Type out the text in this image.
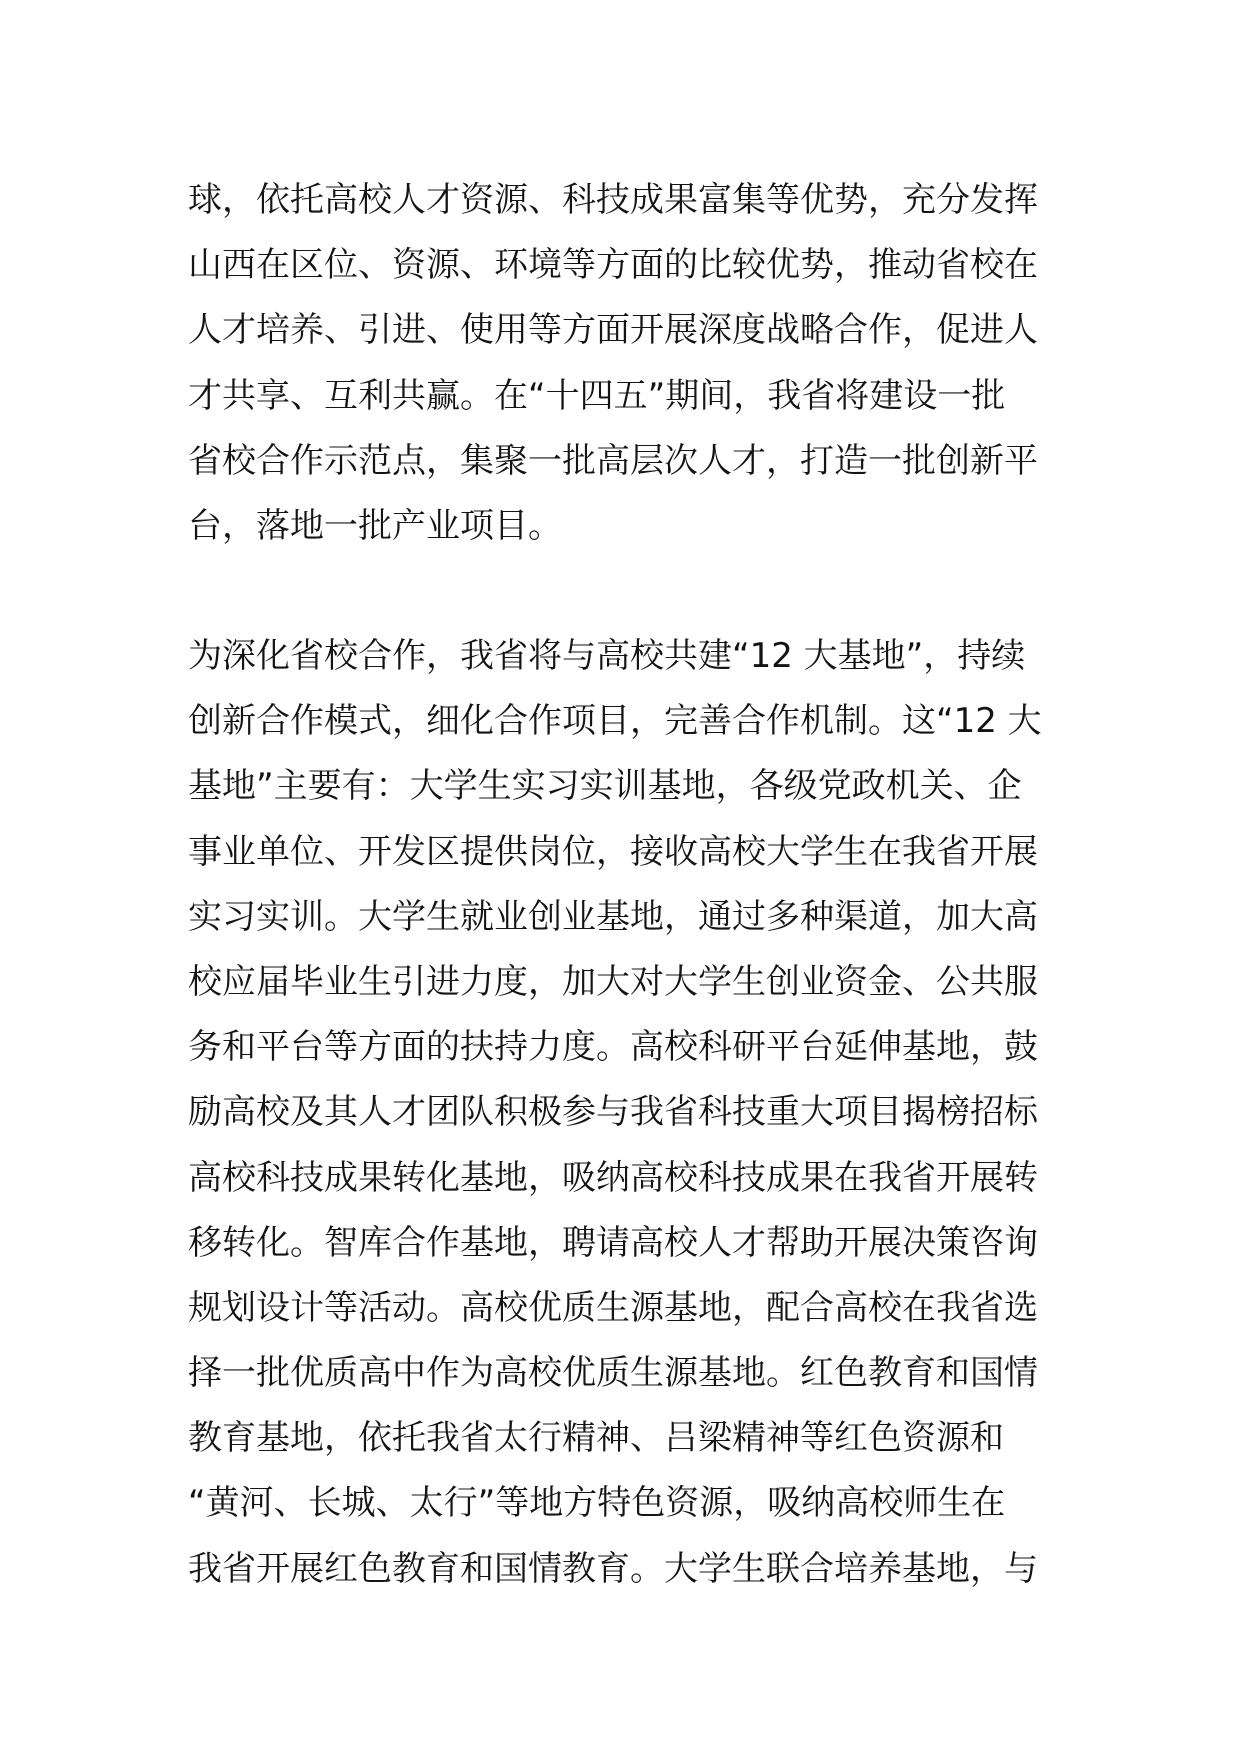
球，依托高校人才资源、科技成果富集等优势，充分发挥
山西在区位、资源、环境等方面的比较优势，推动省校在
人才培养、引进、使用等方面开展深度战略合作，促进人
才共享、互利共赢。在“十四五”期间，我省将建设一批
省校合作示范点，集聚一批高层次人才，打造一批创新平
台，落地一批产业项目。
为深化省校合作，我省将与高校共建“12 大基地”，持续
创新合作模式，细化合作项目，完善合作机制。这“12 大
基地”主要有：大学生实习实训基地，各级党政机关、企
事业单位、开发区提供岗位，接收高校大学生在我省开展
实习实训。大学生就业创业基地，通过多种渠道，加大高
校应届毕业生引进力度，加大对大学生创业资金、公共服
务和平台等方面的扶持力度。高校科研平台延伸基地，鼓
励高校及其人才团队积极参与我省科技重大项目揭榜招标
高校科技成果转化基地，吸纳高校科技成果在我省开展转
移转化。智库合作基地，聘请高校人才帮助开展决策咨询
规划设计等活动。高校优质生源基地，配合高校在我省选
择一批优质高中作为高校优质生源基地。红色教育和国情
教育基地，依托我省太行精神、吕梁精神等红色资源和
“黄河、长城、太行”等地方特色资源，吸纳高校师生在
我省开展红色教育和国情教育。大学生联合培养基地，与
